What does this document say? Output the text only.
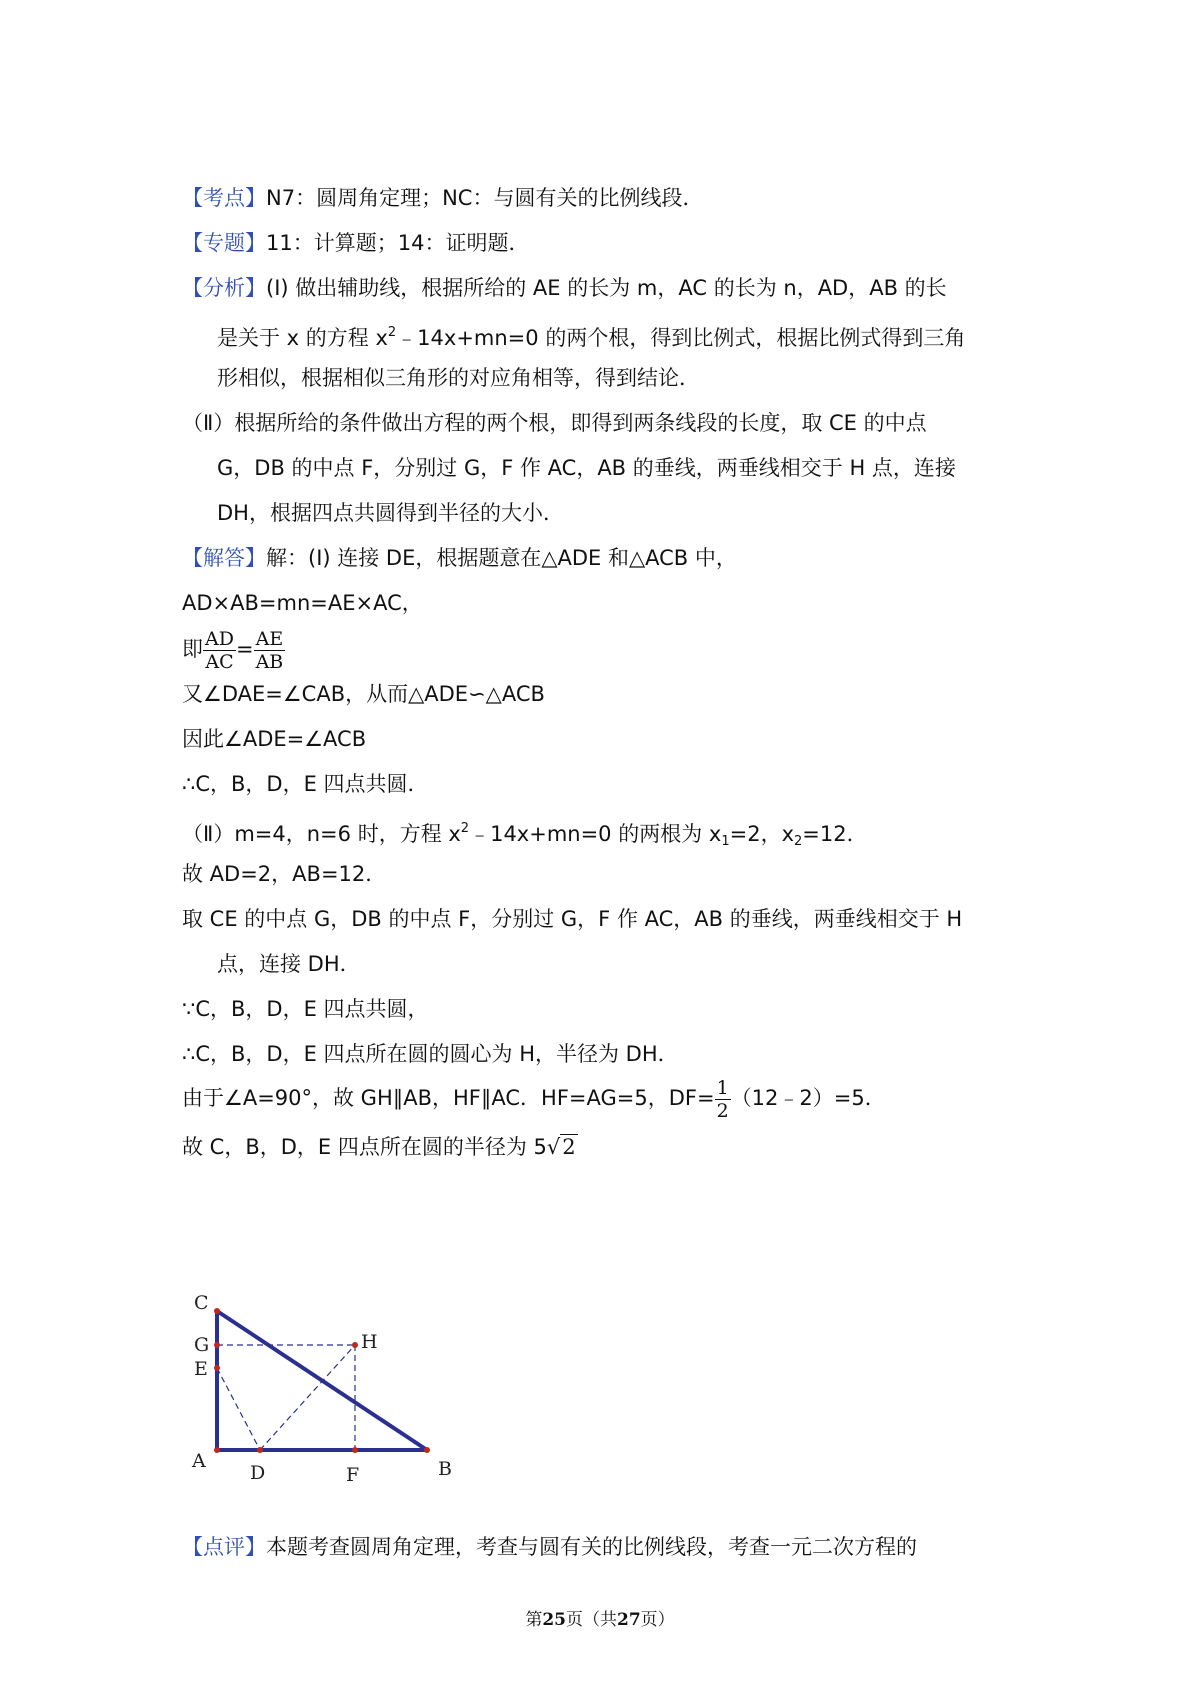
【考点】N7：圆周角定理；NC：与圆有关的比例线段．
【专题】11：计算题；14：证明题．
【分析】(Ⅰ) 做出辅助线，根据所给的 AE 的长为 m，AC 的长为 n，AD，AB 的长
是关于 x 的方程 $x^2﹣14x+mn=0$ 的两个根，得到比例式，根据比例式得到三角
形相似，根据相似三角形的对应角相等，得到结论．
（Ⅱ）根据所给的条件做出方程的两个根，即得到两条线段的长度，取 CE 的中点
G，DB 的中点 F，分别过 G，F 作 AC，AB 的垂线，两垂线相交于 H 点，连接
DH，根据四点共圆得到半径的大小．
【解答】解：(Ⅰ) 连接 DE，根据题意在△ADE 和△ACB 中，
AD×AB=mn=AE×AC，
即 $\frac{AD}{AC} = \frac{AE}{AB}$
又∠DAE=∠CAB，从而△ADE∽△ACB
因此∠ADE=∠ACB
∴C，B，D，E 四点共圆．
（Ⅱ）m=4，n=6 时，方程 $x^2﹣14x+mn=0$ 的两根为 $x_1=2$，$x_2=12$．
故 AD=2，AB=12．
取 CE 的中点 G，DB 的中点 F，分别过 G，F 作 AC，AB 的垂线，两垂线相交于 H
点，连接 DH．
∵C，B，D，E 四点共圆，
∴C，B，D，E 四点所在圆的圆心为 H，半径为 DH．
由于∠A=90°，故 GH∥AB，HF∥AC．HF=AG=5，$DF= \frac{1}{2}$ （12﹣2）=5．
故 C，B，D，E 四点所在圆的半径为 5√2
C
G
E
A
D	F	B
H
【点评】本题考查圆周角定理，考查与圆有关的比例线段，考查一元二次方程的
第25页（共27页）
